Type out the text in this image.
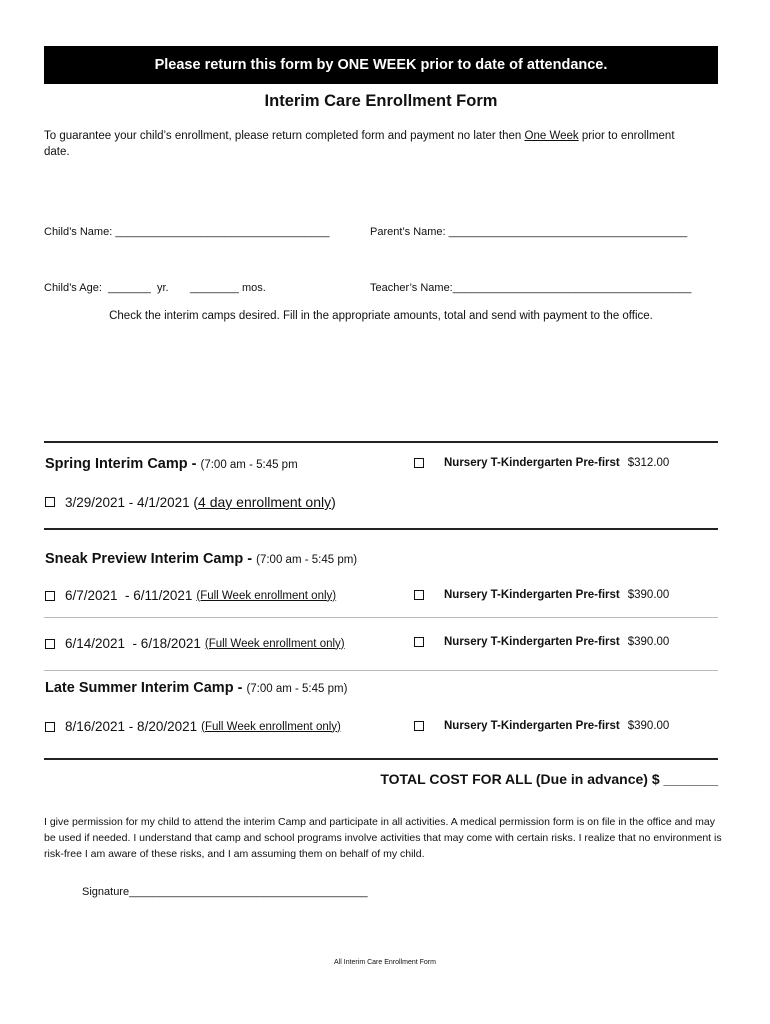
Please return this form by ONE WEEK prior to date of attendance.
Interim Care Enrollment Form
To guarantee your child’s enrollment, please return completed form and payment no later then One Week prior to enrollment date.
Child’s Name: ___________________________________	Parent’s Name: _______________________________________
Child’s Age:  _______  yr.       ________ mos.	Teacher’s Name:_______________________________________
Check the interim camps desired. Fill in the appropriate amounts, total and send with payment to the office.
Spring Interim Camp - (7:00 am - 5:45 pm	Nursery T-Kindergarten Pre-first $312.00
3/29/2021 - 4/1/2021 ( 4 day enrollment only )
Sneak Preview Interim Camp - (7:00 am - 5:45 pm)
6/7/2021  - 6/11/2021 (Full Week enrollment only)	Nursery T-Kindergarten Pre-first $390.00
6/14/2021  - 6/18/2021 (Full Week enrollment only)	Nursery T-Kindergarten Pre-first $390.00
Late Summer Interim Camp - (7:00 am - 5:45 pm)
8/16/2021 - 8/20/2021 (Full Week enrollment only)	Nursery T-Kindergarten Pre-first $390.00
TOTAL COST FOR ALL (Due in advance) $ _______
I give permission for my child to attend the interim Camp and participate in all activities. A medical permission form is on file in the office and may be used if needed. I understand that camp and school programs involve activities that may come with certain risks. I realize that no environment is risk-free I am aware of these risks, and I am assuming them on behalf of my child.
Signature_______________________________________
All Interim Care Enrollment Form
